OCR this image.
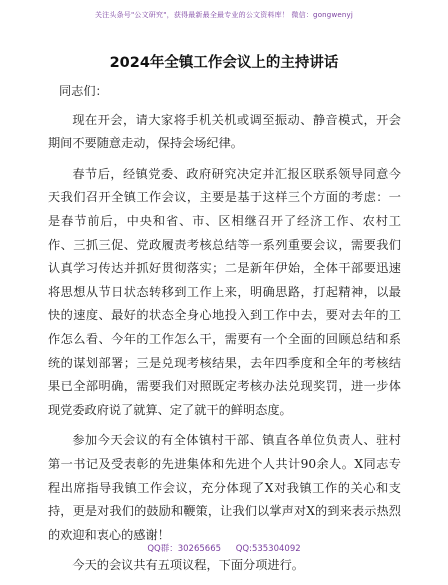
关注头条号"公文研究"，获得最新最全最专业的公文资料库！ 微信：gongwenyj
2024年全镇工作会议上的主持讲话

同志们：

现在开会，请大家将手机关机或调至振动、静音模式，开会期间不要随意走动，保持会场纪律。

春节后，经镇党委、政府研究决定并汇报区联系领导同意今天我们召开全镇工作会议，主要是基于这样三个方面的考虑：一是春节前后，中央和省、市、区相继召开了经济工作、农村工作、三抓三促、党政履责考核总结等一系列重要会议，需要我们认真学习传达并抓好贯彻落实；二是新年伊始，全体干部要迅速将思想从节日状态转移到工作上来，明确思路，打起精神，以最快的速度、最好的状态全身心地投入到工作中去，要对去年的工作怎么看、今年的工作怎么干，需要有一个全面的回顾总结和系统的谋划部署；三是兑现考核结果，去年四季度和全年的考核结果已全部明确，需要我们对照既定考核办法兑现奖罚，进一步体现党委政府说了就算、定了就干的鲜明态度。

参加今天会议的有全体镇村干部、镇直各单位负责人、驻村第一书记及受表彰的先进集体和先进个人共计90余人。X同志专程出席指导我镇工作会议，充分体现了X对我镇工作的关心和支持，更是对我们的鼓励和鞭策，让我们以掌声对X的到来表示热烈的欢迎和衷心的感谢！

今天的会议共有五项议程，下面分项进行。

QQ群：30265665 QQ:535304092
